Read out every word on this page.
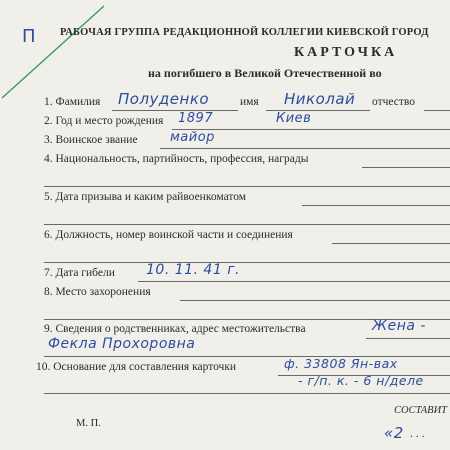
П РАБОЧАЯ ГРУППА РЕДАКЦИОННОЙ КОЛЛЕГИИ КИЕВСКОЙ ГОРОД
КАРТОЧКА
на погибшего в Великой Отечественной во
1. Фамилия Полуденко	имя Николай отчество
2. Год и место рождения 1897	Киев
3. Воинское звание майор
4. Национальность, партийность, профессия, награды
5. Дата призыва и каким райвоенкоматом
6. Должность, номер воинской части и соединения
7. Дата гибели 10. 11. 41 г.
8. Место захоронения
9. Сведения о родственниках, адрес местожительства	Жена -
Фекла Прохоровна
10. Основание для составления карточки	ф. 33808 Ян-вах
- г/п. к. - 6 н/деле
СОСТАВИТ
М. П.
«2 ...
